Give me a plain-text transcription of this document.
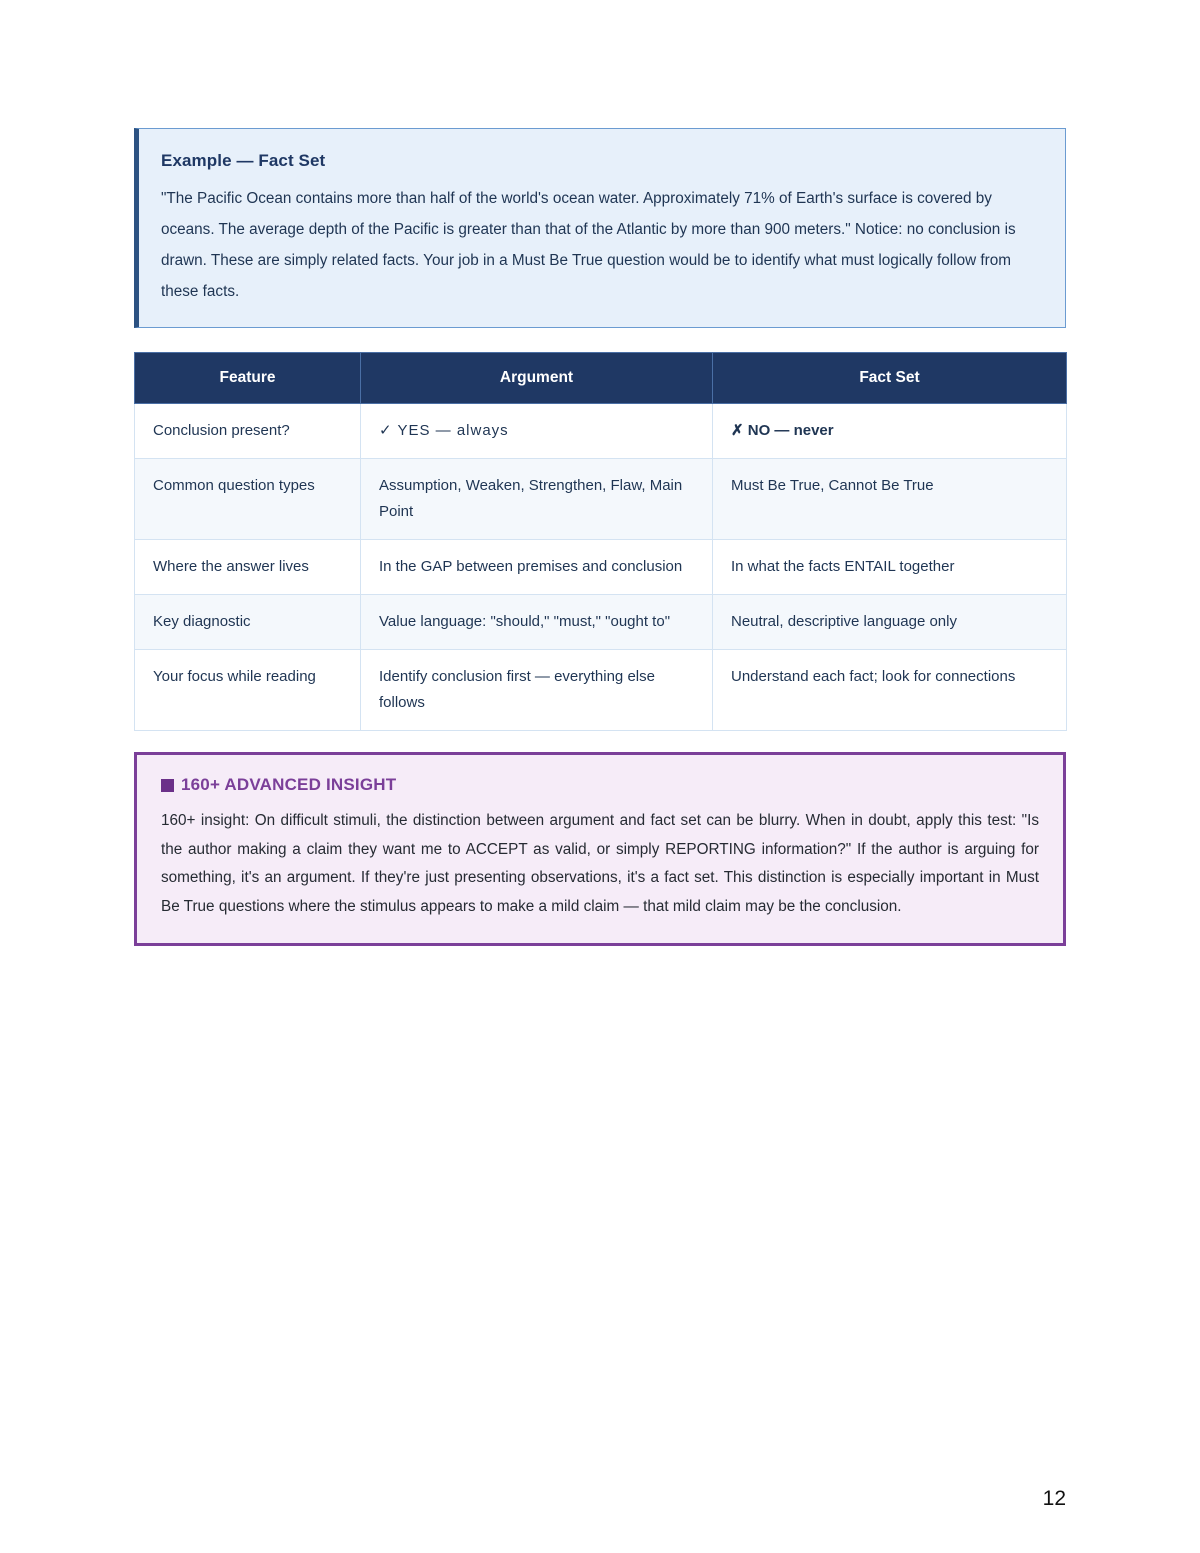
Example — Fact Set

"The Pacific Ocean contains more than half of the world's ocean water. Approximately 71% of Earth's surface is covered by oceans. The average depth of the Pacific is greater than that of the Atlantic by more than 900 meters." Notice: no conclusion is drawn. These are simply related facts. Your job in a Must Be True question would be to identify what must logically follow from these facts.

Feature	Argument	Fact Set
Conclusion present?	✓ YES — always	✗ NO — never
Common question types	Assumption, Weaken, Strengthen, Flaw, Main Point	Must Be True, Cannot Be True
Where the answer lives	In the GAP between premises and conclusion	In what the facts ENTAIL together
Key diagnostic	Value language: "should," "must," "ought to"	Neutral, descriptive language only
Your focus while reading	Identify conclusion first — everything else follows	Understand each fact; look for connections
160+ ADVANCED INSIGHT

160+ insight: On difficult stimuli, the distinction between argument and fact set can be blurry. When in doubt, apply this test: "Is the author making a claim they want me to ACCEPT as valid, or simply REPORTING information?" If the author is arguing for something, it's an argument. If they're just presenting observations, it's a fact set. This distinction is especially important in Must Be True questions where the stimulus appears to make a mild claim — that mild claim may be the conclusion.

12
